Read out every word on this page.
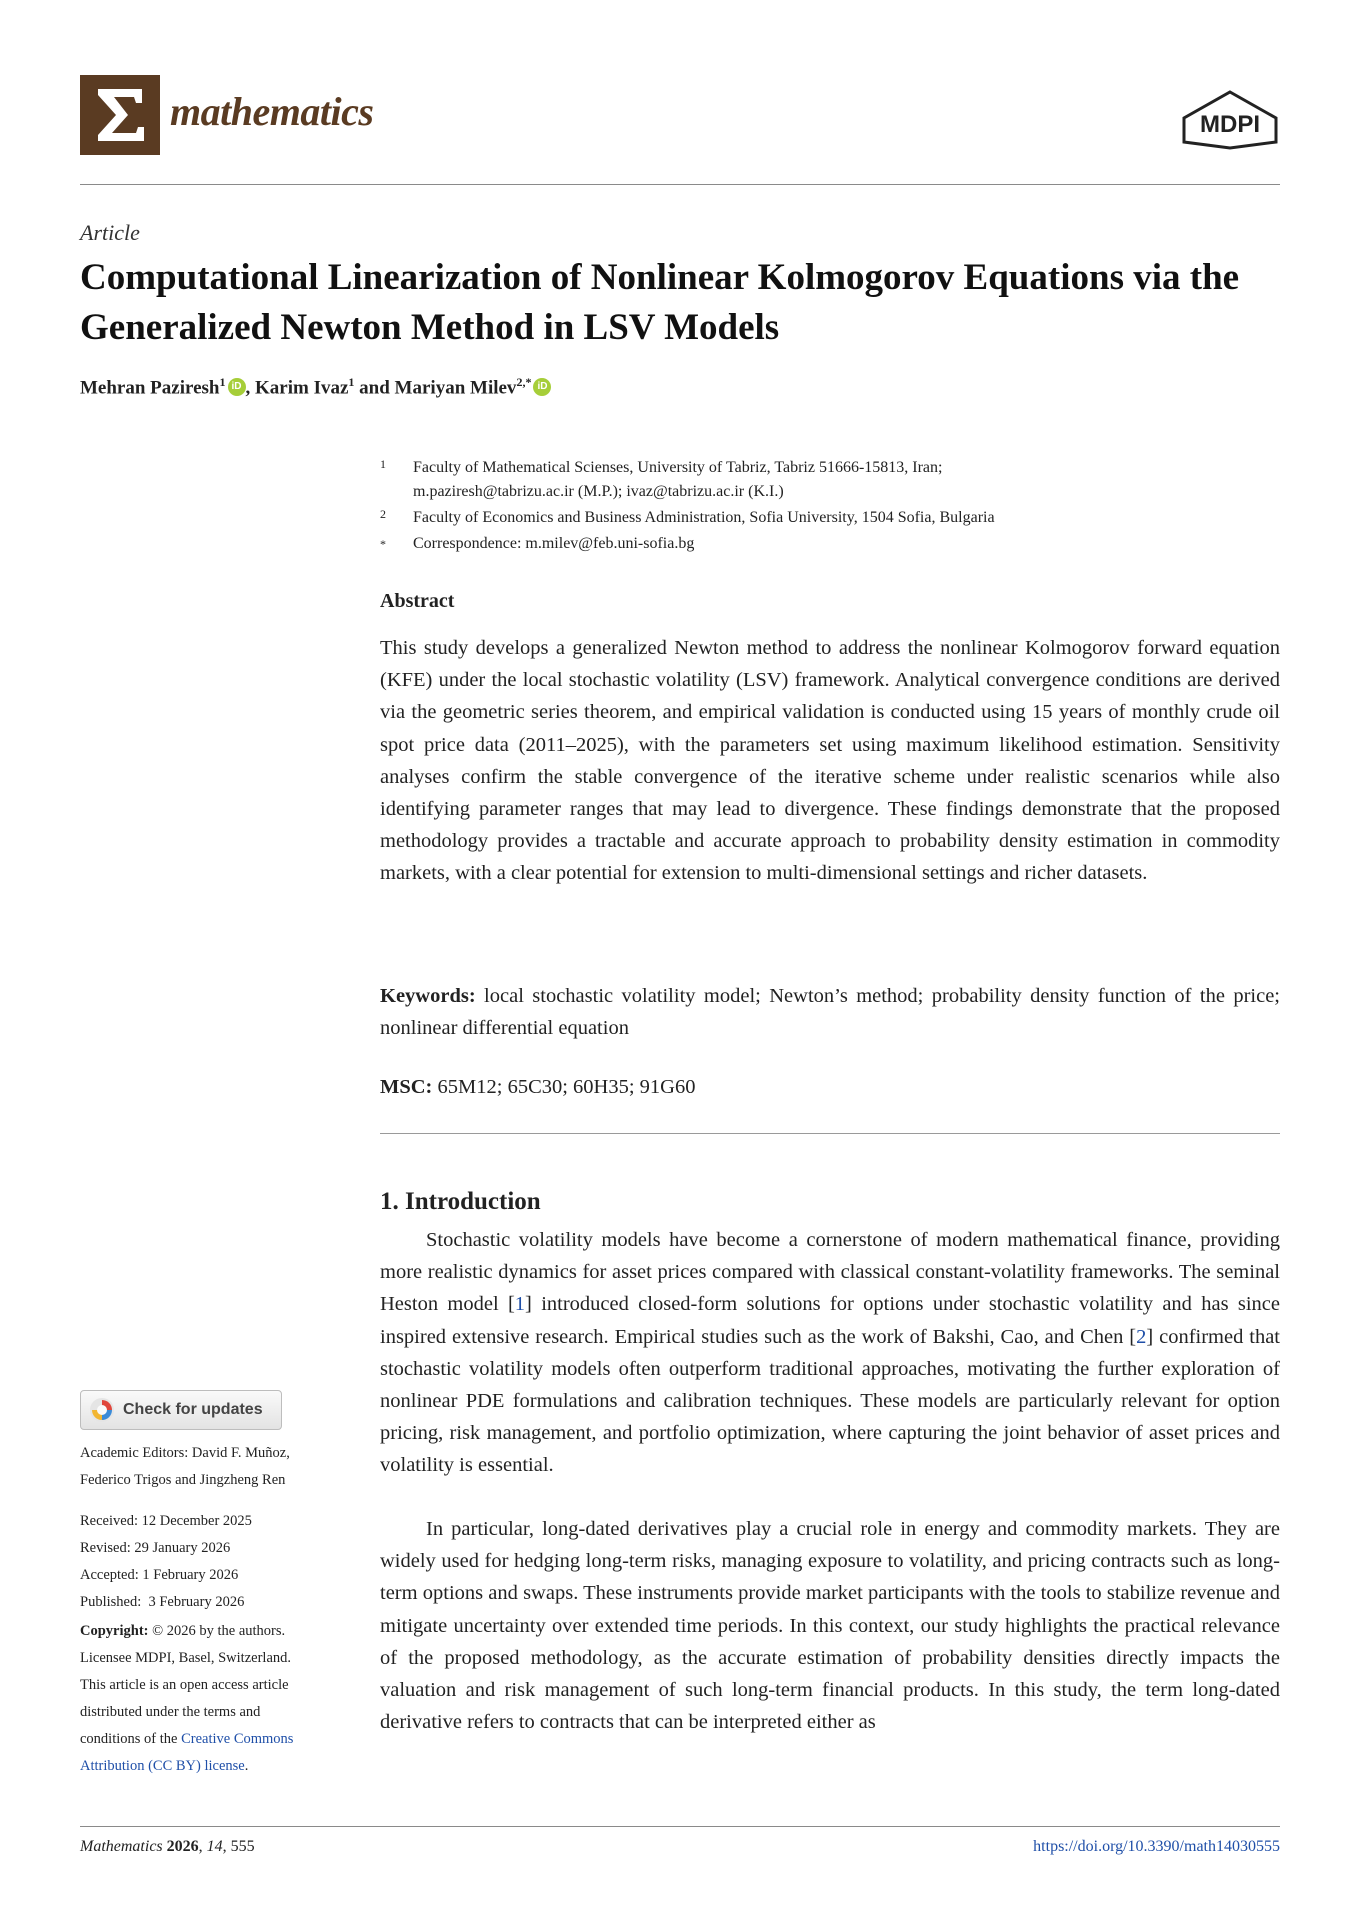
mathematics	MDPI
Article
Computational Linearization of Nonlinear Kolmogorov Equations via the Generalized Newton Method in LSV Models
Mehran Paziresh$^1$ iD , Karim Ivaz$^1$ and Mariyan Milev$^{2,*}$ iD
1 Faculty of Mathematical Scienses, University of Tabriz, Tabriz 51666-15813, Iran;
m.paziresh@tabrizu.ac.ir (M.P.); ivaz@tabrizu.ac.ir (K.I.)
2 Faculty of Economics and Business Administration, Sofia University, 1504 Sofia, Bulgaria
* Correspondence: m.milev@feb.uni-sofia.bg
Abstract
This study develops a generalized Newton method to address the nonlinear Kolmogorov forward equation (KFE) under the local stochastic volatility (LSV) framework. Analytical convergence conditions are derived via the geometric series theorem, and empirical validation is conducted using 15 years of monthly crude oil spot price data (2011–2025), with the parameters set using maximum likelihood estimation. Sensitivity analyses confirm the stable convergence of the iterative scheme under realistic scenarios while also identifying parameter ranges that may lead to divergence. These findings demonstrate that the proposed methodology provides a tractable and accurate approach to probability density estimation in commodity markets, with a clear potential for extension to multi-dimensional settings and richer datasets.
Keywords: local stochastic volatility model; Newton’s method; probability density function of the price; nonlinear differential equation
MSC: 65M12; 65C30; 60H35; 91G60
1. Introduction
Stochastic volatility models have become a cornerstone of modern mathematical finance, providing more realistic dynamics for asset prices compared with classical constant-volatility frameworks. The seminal Heston model [1] introduced closed-form solutions for options under stochastic volatility and has since inspired extensive research. Empirical studies such as the work of Bakshi, Cao, and Chen [2] confirmed that stochastic volatility models often outperform traditional approaches, motivating the further exploration of nonlinear PDE formulations and calibration techniques. These models are particularly relevant for option pricing, risk management, and portfolio optimization, where capturing the joint behavior of asset prices and volatility is essential.
In particular, long-dated derivatives play a crucial role in energy and commodity markets. They are widely used for hedging long-term risks, managing exposure to volatility, and pricing contracts such as long-term options and swaps. These instruments provide market participants with the tools to stabilize revenue and mitigate uncertainty over extended time periods. In this context, our study highlights the practical relevance of the proposed methodology, as the accurate estimation of probability densities directly impacts the valuation and risk management of such long-term financial products. In this study, the term long-dated derivative refers to contracts that can be interpreted either as
Check for updates
Academic Editors: David F. Muñoz,
Federico Trigos and Jingzheng Ren
Received: 12 December 2025
Revised: 29 January 2026
Accepted: 1 February 2026
Published:  3 February 2026
Copyright: © 2026 by the authors.
Licensee MDPI, Basel, Switzerland.
This article is an open access article
distributed under the terms and
conditions of the Creative Commons
Attribution (CC BY) license.
Mathematics 2026, 14, 555	https://doi.org/10.3390/math14030555
